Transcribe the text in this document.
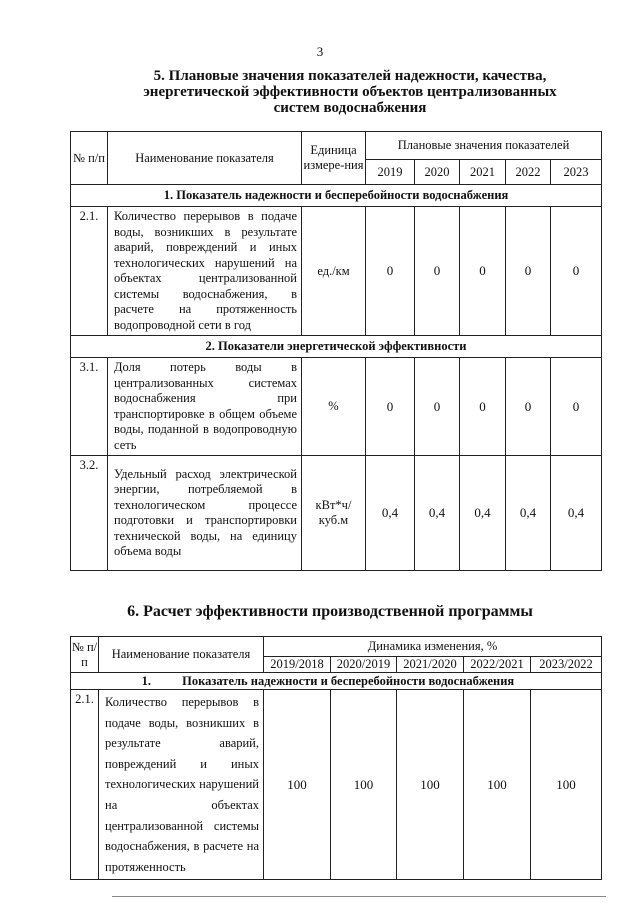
3
5. Плановые значения показателей надежности, качества,
энергетической эффективности объектов централизованных
систем водоснабжения
№ п/п	Наименование показателя	Единица измере-ния	Плановые значения показателей				
			2019	2020	2021	2022	2023
1. Показатель надежности и бесперебойности водоснабжения							
2.1.	Количество перерывов в подаче воды, возникших в результате аварий, повреждений и иных технологических нарушений на объектах централизованной системы водоснабжения, в расчете на протяженность водопроводной сети в год	ед./км	0	0	0	0	0
2. Показатели энергетической эффективности							
3.1.	Доля потерь воды в централизованных системах водоснабжения при транспортировке в общем объеме воды, поданной в водопроводную сеть	%	0	0	0	0	0
3.2.	Удельный расход электрической энергии, потребляемой в технологическом процессе подготовки и транспортировки технической воды, на единицу объема воды	кВт*ч/ куб.м	0,4	0,4	0,4	0,4	0,4
6. Расчет эффективности производственной программы
№ п/п	Наименование показателя	Динамика изменения, %				
		2019/2018	2020/2019	2021/2020	2022/2021	2023/2022
1. Показатель надежности и бесперебойности водоснабжения						
2.1.	Количество перерывов в подаче воды, возникших в результате аварий, повреждений и иных технологических нарушений на объектах централизованной системы водоснабжения, в расчете на протяженность	100	100	100	100	100
